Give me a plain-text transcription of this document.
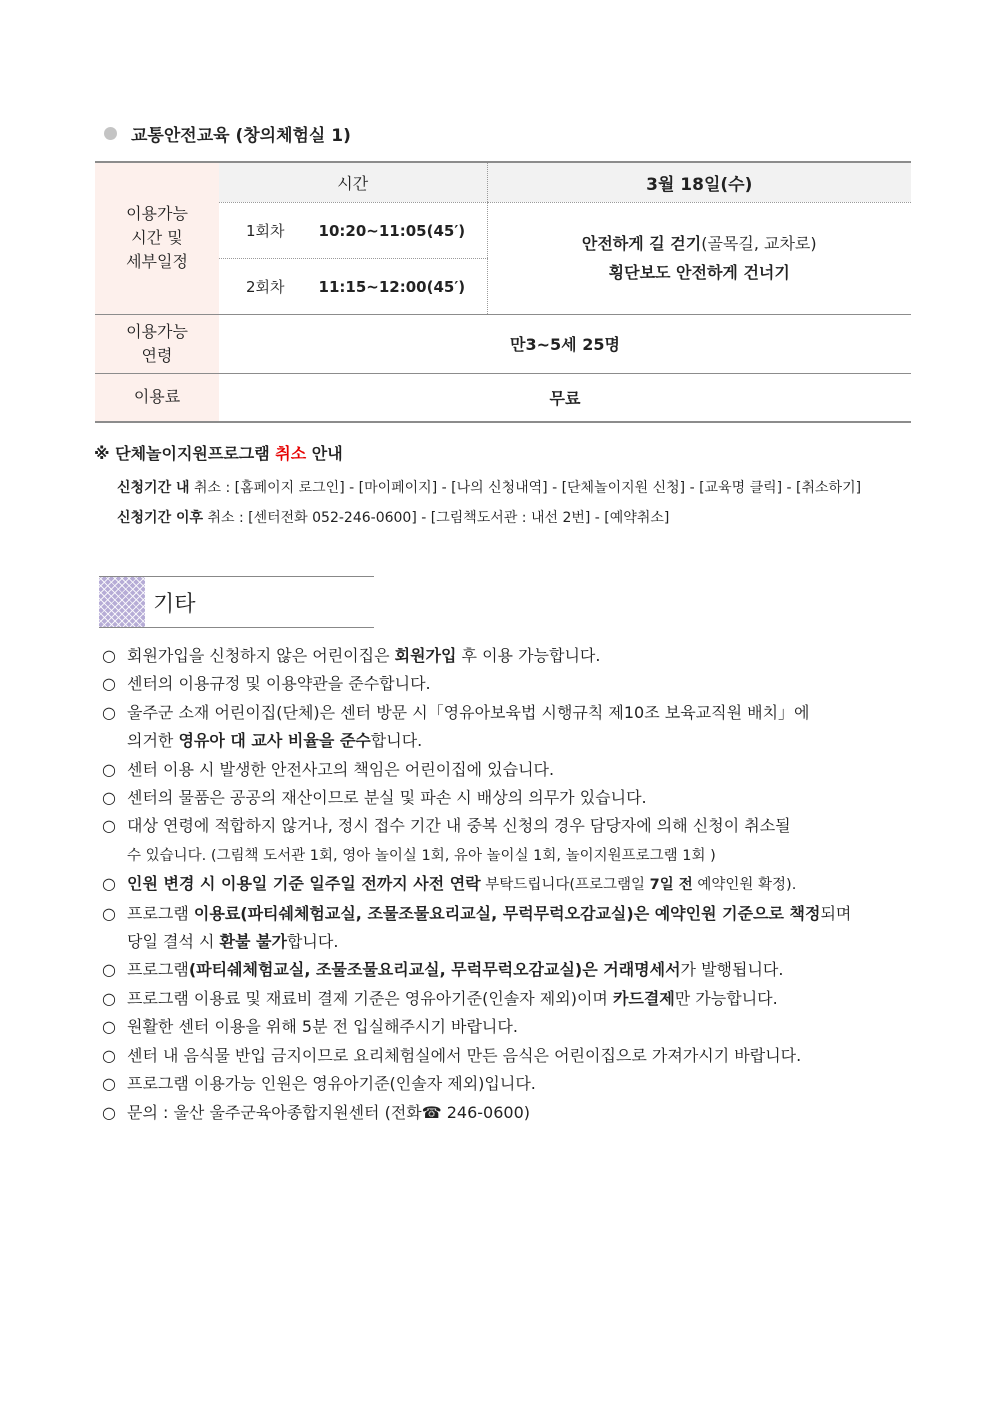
교통안전교육 (창의체험실 1)
이용가능
시간 및
세부일정	시간	3월 18일(수)
	1회차 10:20~11:05(45′)	안전하게 길 걷기(골목길, 교차로)
횡단보도 안전하게 건너기

	2회차 11:15~12:00(45′)	

이용가능
연령	만3~5세 25명	
이용료	무료	
※ 단체놀이지원프로그램 취소 안내
신청기간 내 취소 : [홈페이지 로그인] - [마이페이지] - [나의 신청내역] - [단체놀이지원 신청] - [교육명 클릭] - [취소하기]
신청기간 이후 취소 : [센터전화 052-246-0600] - [그림책도서관 : 내선 2번] - [예약취소]
기타
○ 회원가입을 신청하지 않은 어린이집은 회원가입 후 이용 가능합니다.
○ 센터의 이용규정 및 이용약관을 준수합니다.
○ 울주군 소재 어린이집(단체)은 센터 방문 시「영유아보육법 시행규칙 제10조 보육교직원 배치」에
의거한 영유아 대 교사 비율을 준수합니다.
○ 센터 이용 시 발생한 안전사고의 책임은 어린이집에 있습니다.
○ 센터의 물품은 공공의 재산이므로 분실 및 파손 시 배상의 의무가 있습니다.
○ 대상 연령에 적합하지 않거나, 정시 접수 기간 내 중복 신청의 경우 담당자에 의해 신청이 취소될
수 있습니다. (그림책 도서관 1회, 영아 놀이실 1회, 유아 놀이실 1회, 놀이지원프로그램 1회 )
○ 인원 변경 시 이용일 기준 일주일 전까지 사전 연락 부탁드립니다(프로그램일 7일 전 예약인원 확정).
○ 프로그램 이용료(파티쉐체험교실, 조물조물요리교실, 무럭무럭오감교실)은 예약인원 기준으로 책정되며
당일 결석 시 환불 불가합니다.
○ 프로그램(파티쉐체험교실, 조물조물요리교실, 무럭무럭오감교실)은 거래명세서가 발행됩니다.
○ 프로그램 이용료 및 재료비 결제 기준은 영유아기준(인솔자 제외)이며 카드결제만 가능합니다.
○ 원활한 센터 이용을 위해 5분 전 입실해주시기 바랍니다.
○ 센터 내 음식물 반입 금지이므로 요리체험실에서 만든 음식은 어린이집으로 가져가시기 바랍니다.
○ 프로그램 이용가능 인원은 영유아기준(인솔자 제외)입니다.
○ 문의 : 울산 울주군육아종합지원센터 (전화☎ 246-0600)
